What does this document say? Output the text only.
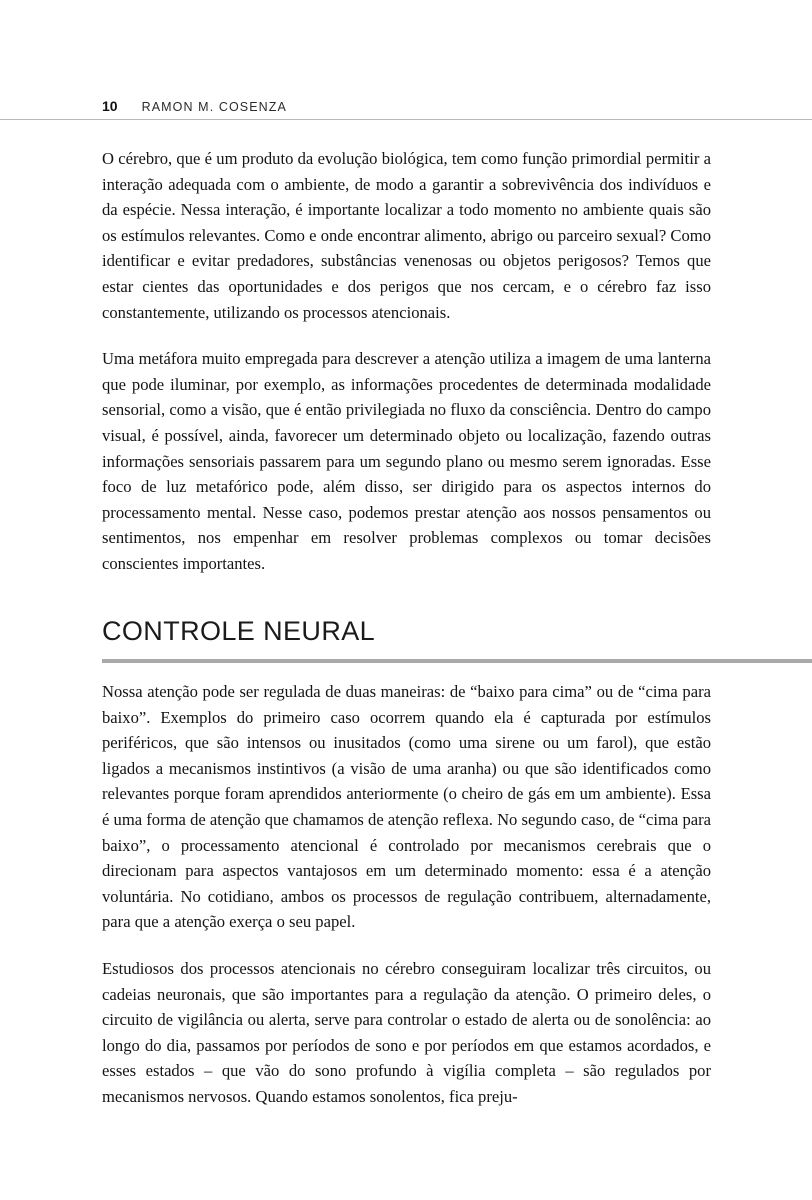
10 RAMON M. COSENZA

O cérebro, que é um produto da evolução biológica, tem como função primordial permitir a interação adequada com o ambiente, de modo a garantir a sobrevivência dos indivíduos e da espécie. Nessa interação, é importante localizar a todo momento no ambiente quais são os estímulos relevantes. Como e onde encontrar alimento, abrigo ou parceiro sexual? Como identificar e evitar predadores, substâncias venenosas ou objetos perigosos? Temos que estar cientes das oportunidades e dos perigos que nos cercam, e o cérebro faz isso constantemente, utilizando os processos atencionais.

Uma metáfora muito empregada para descrever a atenção utiliza a imagem de uma lanterna que pode iluminar, por exemplo, as informações procedentes de determinada modalidade sensorial, como a visão, que é então privilegiada no fluxo da consciência. Dentro do campo visual, é possível, ainda, favorecer um determinado objeto ou localização, fazendo outras informações sensoriais passarem para um segundo plano ou mesmo serem ignoradas. Esse foco de luz metafórico pode, além disso, ser dirigido para os aspectos internos do processamento mental. Nesse caso, podemos prestar atenção aos nossos pensamentos ou sentimentos, nos empenhar em resolver problemas complexos ou tomar decisões conscientes importantes.

CONTROLE NEURAL

Nossa atenção pode ser regulada de duas maneiras: de “baixo para cima” ou de “cima para baixo”. Exemplos do primeiro caso ocorrem quando ela é capturada por estímulos periféricos, que são intensos ou inusitados (como uma sirene ou um farol), que estão ligados a mecanismos instintivos (a visão de uma aranha) ou que são identificados como relevantes porque foram aprendidos anteriormente (o cheiro de gás em um ambiente). Essa é uma forma de atenção que chamamos de atenção reflexa. No segundo caso, de “cima para baixo”, o processamento atencional é controlado por mecanismos cerebrais que o direcionam para aspectos vantajosos em um determinado momento: essa é a atenção voluntária. No cotidiano, ambos os processos de regulação contribuem, alternadamente, para que a atenção exerça o seu papel.

Estudiosos dos processos atencionais no cérebro conseguiram localizar três circuitos, ou cadeias neuronais, que são importantes para a regulação da atenção. O primeiro deles, o circuito de vigilância ou alerta, serve para controlar o estado de alerta ou de sonolência: ao longo do dia, passamos por períodos de sono e por períodos em que estamos acordados, e esses estados – que vão do sono profundo à vigília completa – são regulados por mecanismos nervosos. Quando estamos sonolentos, fica preju-
